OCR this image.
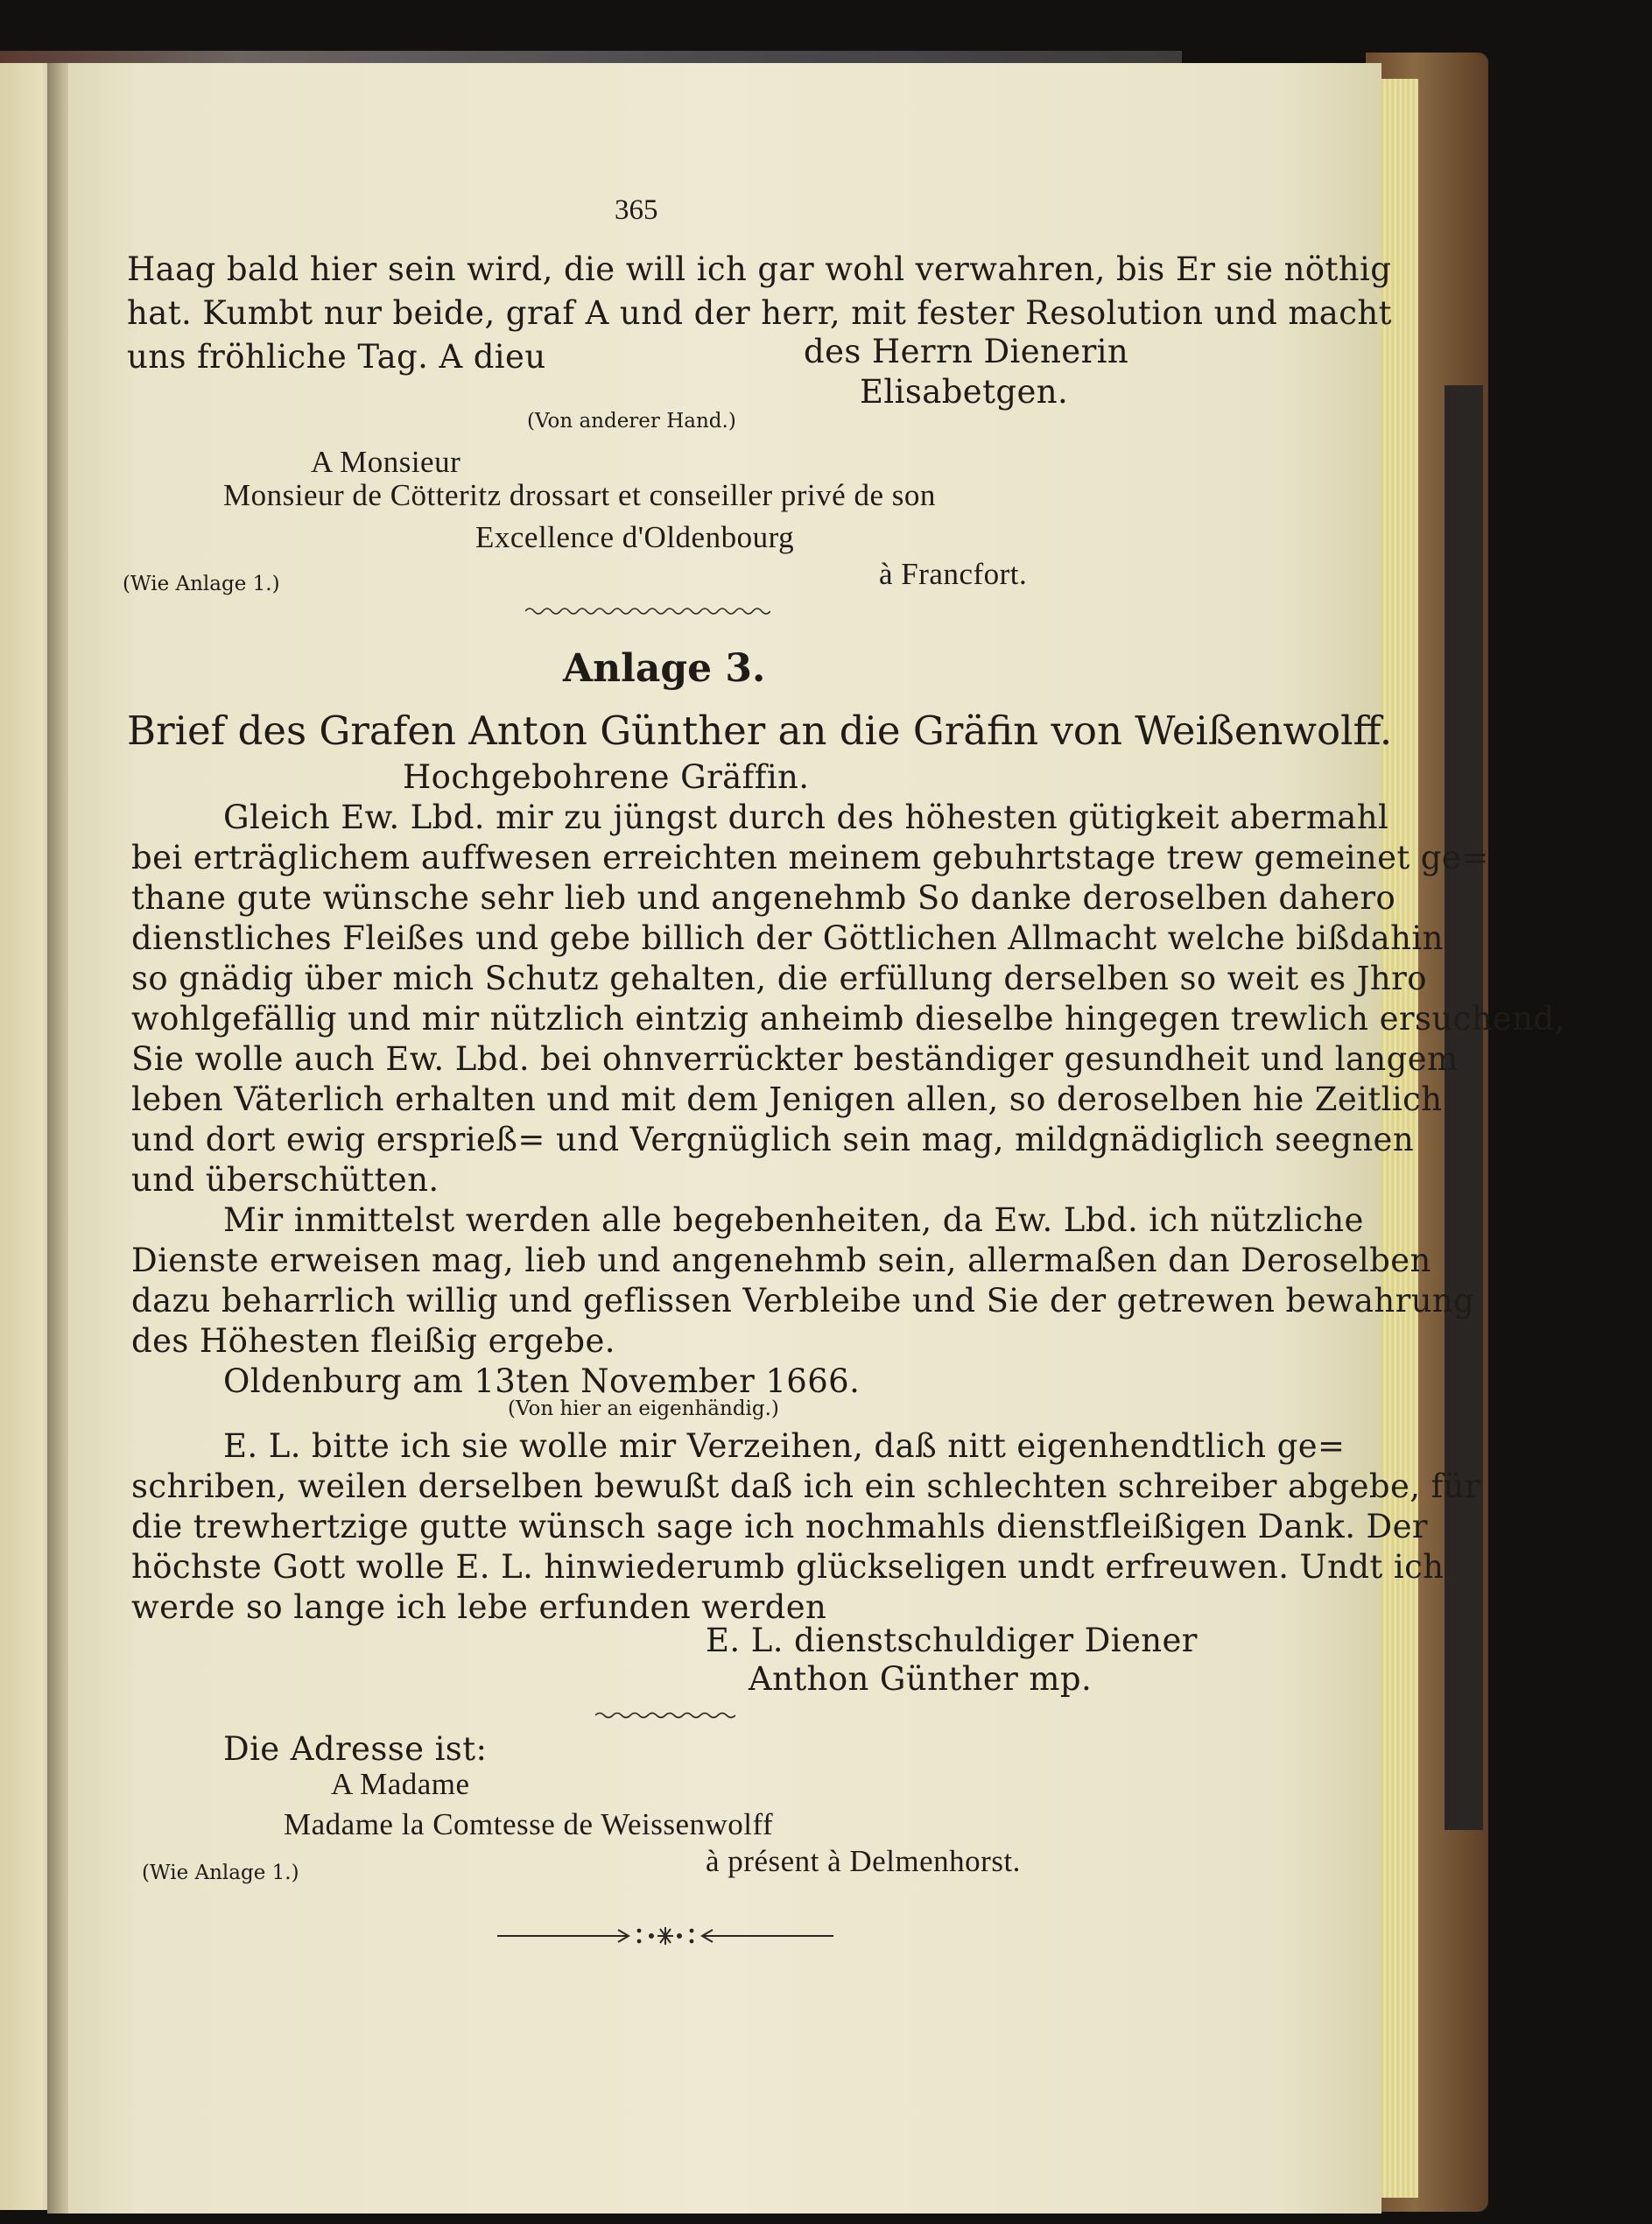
365
Haag bald hier sein wird, die will ich gar wohl verwahren, bis Er sie nöthig
hat. Kumbt nur beide, graf A und der herr, mit fester Resolution und macht
uns fröhliche Tag. A dieu	des Herrn Dienerin
Elisabetgen.
(Von anderer Hand.)
A Monsieur
Monsieur de Cötteritz drossart et conseiller privé de son
Excellence d'Oldenbourg
à Francfort.
(Wie Anlage 1.)
Anlage 3.
Brief des Grafen Anton Günther an die Gräfin von Weißenwolff.
Hochgebohrene Gräffin.
Gleich Ew. Lbd. mir zu jüngst durch des höhesten gütigkeit abermahl
bei erträglichem auffwesen erreichten meinem gebuhrtstage trew gemeinet ge=
thane gute wünsche sehr lieb und angenehmb So danke deroselben dahero
dienstliches Fleißes und gebe billich der Göttlichen Allmacht welche bißdahin
so gnädig über mich Schutz gehalten, die erfüllung derselben so weit es Jhro
wohlgefällig und mir nützlich eintzig anheimb dieselbe hingegen trewlich ersuchend,
Sie wolle auch Ew. Lbd. bei ohnverrückter beständiger gesundheit und langem
leben Väterlich erhalten und mit dem Jenigen allen, so deroselben hie Zeitlich
und dort ewig ersprieß= und Vergnüglich sein mag, mildgnädiglich seegnen
und überschütten.
Mir inmittelst werden alle begebenheiten, da Ew. Lbd. ich nützliche
Dienste erweisen mag, lieb und angenehmb sein, allermaßen dan Deroselben
dazu beharrlich willig und geflissen Verbleibe und Sie der getrewen bewahrung
des Höhesten fleißig ergebe.
Oldenburg am 13ten November 1666.
(Von hier an eigenhändig.)
E. L. bitte ich sie wolle mir Verzeihen, daß nitt eigenhendtlich ge=
schriben, weilen derselben bewußt daß ich ein schlechten schreiber abgebe, für
die trewhertzige gutte wünsch sage ich nochmahls dienstfleißigen Dank. Der
höchste Gott wolle E. L. hinwiederumb glückseligen undt erfreuwen. Undt ich
werde so lange ich lebe erfunden werden
E. L. dienstschuldiger Diener
Anthon Günther mp.
Die Adresse ist:
A Madame
Madame la Comtesse de Weissenwolff
à présent à Delmenhorst.
(Wie Anlage 1.)
